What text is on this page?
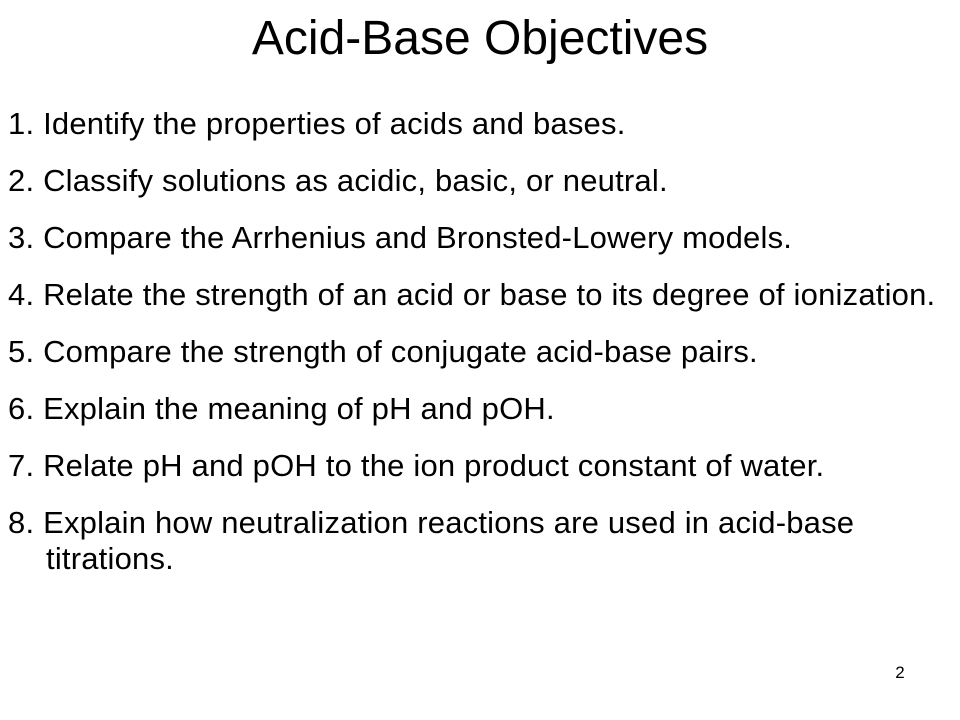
Acid-Base Objectives
1. Identify the properties of acids and bases.
2. Classify solutions as acidic, basic, or neutral.
3. Compare the Arrhenius and Bronsted-Lowery models.
4. Relate the strength of an acid or base to its degree of ionization.
5. Compare the strength of conjugate acid-base pairs.
6. Explain the meaning of pH and pOH.
7. Relate pH and pOH to the ion product constant of water.
8. Explain how neutralization reactions are used in acid-base titrations.
2
